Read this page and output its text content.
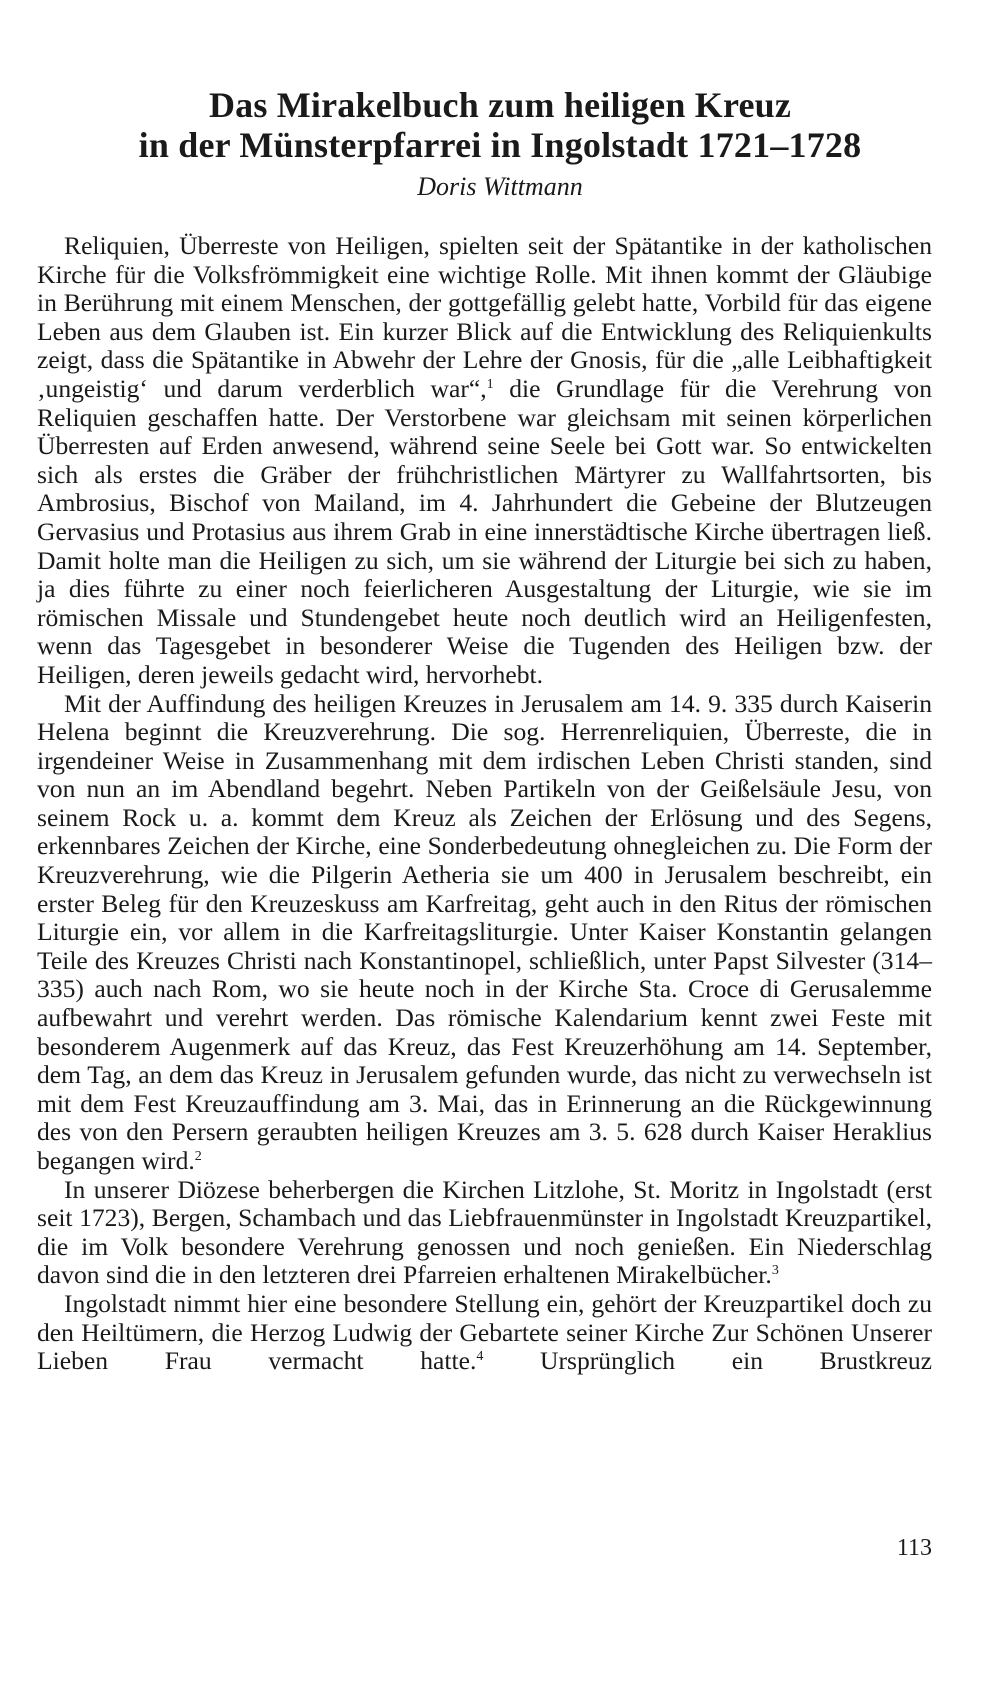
Das Mirakelbuch zum heiligen Kreuz
in der Münsterpfarrei in Ingolstadt 1721–1728
Doris Wittmann

Reliquien, Überreste von Heiligen, spielten seit der Spätantike in der katholischen Kirche für die Volksfrömmigkeit eine wichtige Rolle. Mit ihnen kommt der Gläubige in Berührung mit einem Menschen, der gottgefällig gelebt hatte, Vorbild für das eigene Leben aus dem Glauben ist. Ein kurzer Blick auf die Entwicklung des Reliquienkults zeigt, dass die Spätantike in Abwehr der Lehre der Gnosis, für die „alle Leibhaftigkeit ‚ungeistig‘ und darum verderblich war“,$^1$ die Grundlage für die Verehrung von Reliquien geschaffen hatte. Der Verstorbene war gleichsam mit seinen körperlichen Überresten auf Erden anwesend, während seine Seele bei Gott war. So entwickelten sich als erstes die Gräber der frühchristlichen Märtyrer zu Wallfahrtsorten, bis Ambrosius, Bischof von Mailand, im 4. Jahrhundert die Gebeine der Blutzeugen Gervasius und Protasius aus ihrem Grab in eine innerstädtische Kirche übertragen ließ. Damit holte man die Heiligen zu sich, um sie während der Liturgie bei sich zu haben, ja dies führte zu einer noch feierlicheren Ausgestaltung der Liturgie, wie sie im römischen Missale und Stundengebet heute noch deutlich wird an Heiligenfesten, wenn das Tagesgebet in besonderer Weise die Tugenden des Heiligen bzw. der Heiligen, deren jeweils gedacht wird, hervorhebt.

Mit der Auffindung des heiligen Kreuzes in Jerusalem am 14. 9. 335 durch Kaiserin Helena beginnt die Kreuzverehrung. Die sog. Herrenreliquien, Überreste, die in irgendeiner Weise in Zusammenhang mit dem irdischen Leben Christi standen, sind von nun an im Abendland begehrt. Neben Partikeln von der Geißelsäule Jesu, von seinem Rock u. a. kommt dem Kreuz als Zeichen der Erlösung und des Segens, erkennbares Zeichen der Kirche, eine Sonderbedeutung ohnegleichen zu. Die Form der Kreuzverehrung, wie die Pilgerin Aetheria sie um 400 in Jerusalem beschreibt, ein erster Beleg für den Kreuzeskuss am Karfreitag, geht auch in den Ritus der römischen Liturgie ein, vor allem in die Karfreitagsliturgie. Unter Kaiser Konstantin gelangen Teile des Kreuzes Christi nach Konstantinopel, schließlich, unter Papst Silvester (314–335) auch nach Rom, wo sie heute noch in der Kirche Sta. Croce di Gerusalemme aufbewahrt und verehrt werden. Das römische Kalendarium kennt zwei Feste mit besonderem Augenmerk auf das Kreuz, das Fest Kreuzerhöhung am 14. September, dem Tag, an dem das Kreuz in Jerusalem gefunden wurde, das nicht zu verwechseln ist mit dem Fest Kreuzauffindung am 3. Mai, das in Erinnerung an die Rückgewinnung des von den Persern geraubten heiligen Kreuzes am 3. 5. 628 durch Kaiser Heraklius begangen wird.$^2$

In unserer Diözese beherbergen die Kirchen Litzlohe, St. Moritz in Ingolstadt (erst seit 1723), Bergen, Schambach und das Liebfrauenmünster in Ingolstadt Kreuzpartikel, die im Volk besondere Verehrung genossen und noch genießen. Ein Niederschlag davon sind die in den letzteren drei Pfarreien erhaltenen Mirakelbücher.$^3$

Ingolstadt nimmt hier eine besondere Stellung ein, gehört der Kreuzpartikel doch zu den Heiltümern, die Herzog Ludwig der Gebartete seiner Kirche Zur Schönen Unserer Lieben Frau vermacht hatte.$^4$ Ursprünglich ein Brustkreuz

113
